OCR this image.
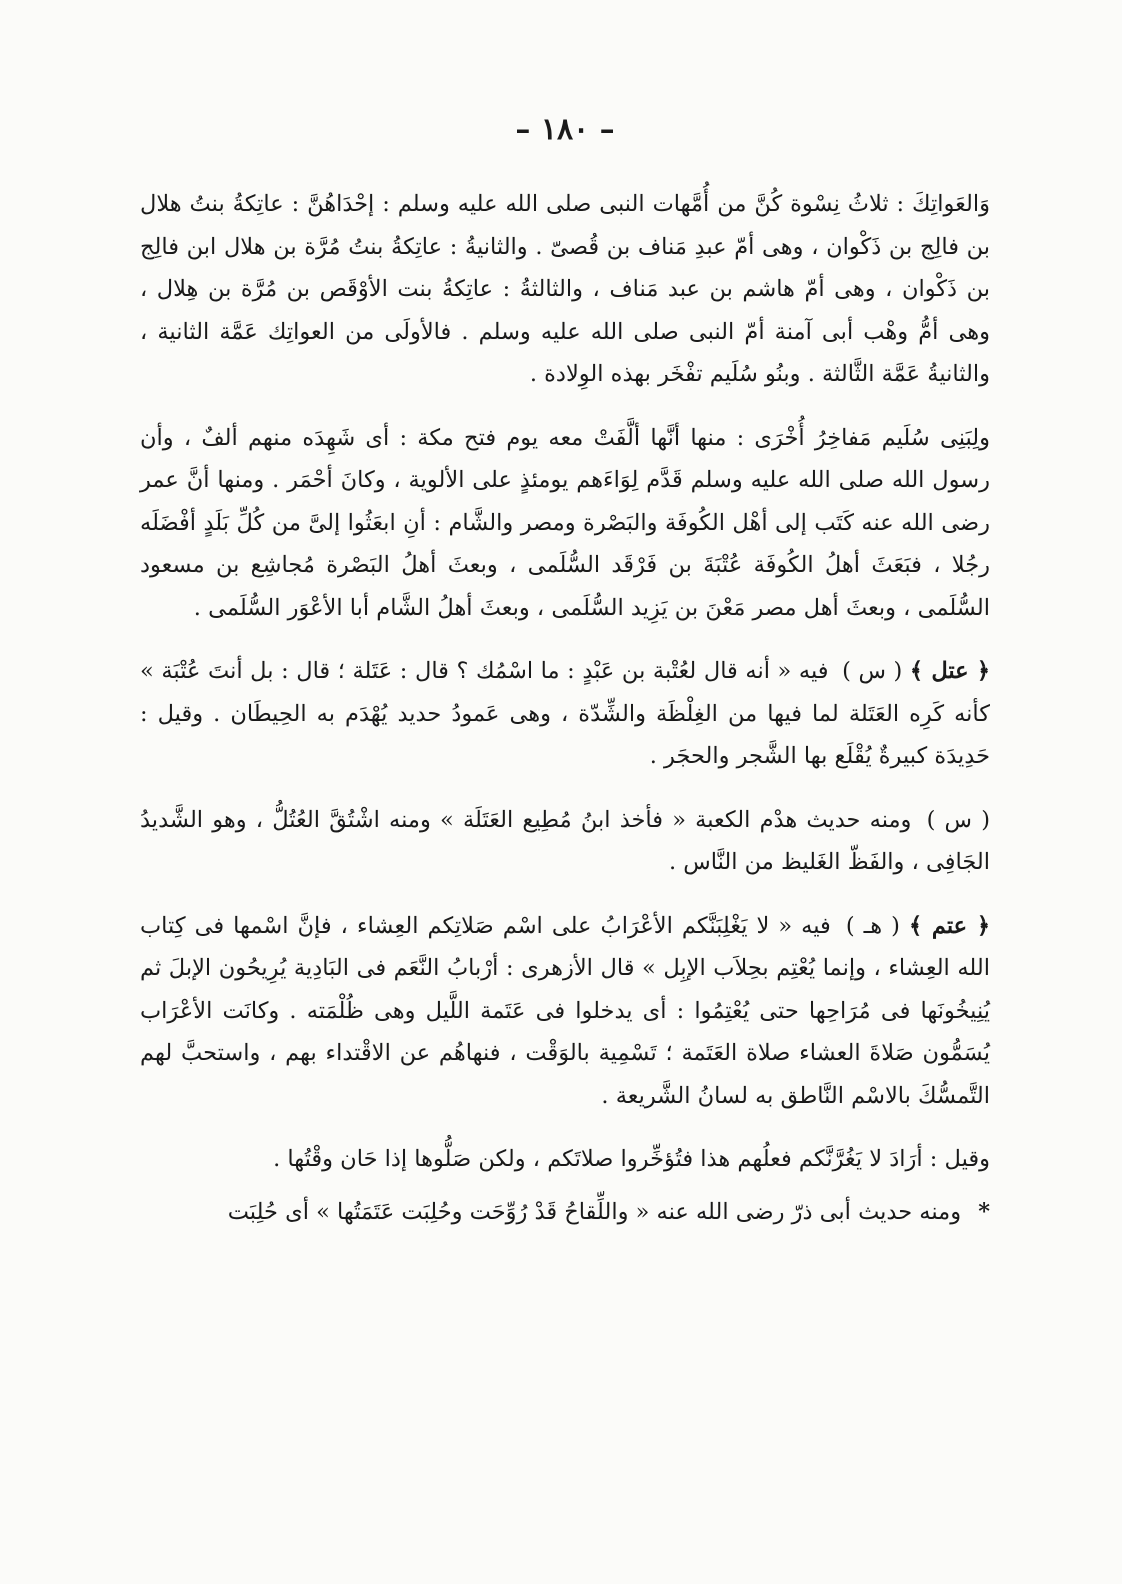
– ١٨٠ –

وَالعَواتِكَ : ثلاثُ نِسْوة كُنَّ من أُمَّهات النبى صلى الله عليه وسلم : إحْدَاهُنَّ : عاتِكةُ بنتُ هلال بن فالِج بن ذَكْوان ، وهى أمّ عبدِ مَناف بن قُصىّ . والثانيةُ : عاتِكةُ بنتُ مُرَّة بن هلال ابن فالِج بن ذَكْوان ، وهى أمّ هاشم بن عبد مَناف ، والثالثةُ : عاتِكةُ بنت الأوْقَص بن مُرَّة بن هِلال ، وهى أمُّ وهْب أبى آمنة أمّ النبى صلى الله عليه وسلم . فالأولَى من العواتِك عَمَّة الثانية ، والثانيةُ عَمَّة الثَّالثة . وبنُو سُلَيم تفْخَر بهذه الوِلادة .

ولِبَنِى سُلَيم مَفاخِرُ أُخْرَى : منها أنَّها ألَّفَتْ معه يوم فتح مكة : أى شَهِدَه منهم ألفٌ ، وأن رسول الله صلى الله عليه وسلم قَدَّم لِوَاءَهم يومئذٍ على الألوية ، وكانَ أحْمَر . ومنها أنَّ عمر رضى الله عنه كَتَب إلى أهْل الكُوفَة والبَصْرة ومصر والشَّام : أنِ ابعَثُوا إلىَّ من كُلِّ بَلَدٍ أفْضَلَه رجُلا ، فبَعَثَ أهلُ الكُوفَة عُتْبَةَ بن فَرْقَد السُّلَمى ، وبعثَ أهلُ البَصْرة مُجاشِع بن مسعود السُّلَمى ، وبعثَ أهل مصر مَعْنَ بن يَزِيد السُّلَمى ، وبعثَ أهلُ الشَّام أبا الأعْوَر السُّلَمى .

﴿ عتل ﴾ ( س ) فيه « أنه قال لعُتْبة بن عَبْدٍ : ما اسْمُك ؟ قال : عَتَلة ؛ قال : بل أنتَ عُتْبَة » كأنه كَرِه العَتَلة لما فيها من الغِلْظَة والشِّدّة ، وهى عَمودُ حديد يُهْدَم به الحِيطَان . وقيل : حَدِيدَة كبيرةٌ يُقْلَع بها الشَّجر والحجَر .

( س ) ومنه حديث هدْم الكعبة « فأخذ ابنُ مُطِيع العَتَلَة » ومنه اشْتُقَّ العُتُلُّ ، وهو الشَّديدُ الجَافِى ، والفَظّ الغَليظ من النَّاس .

﴿ عتم ﴾ ( هـ ) فيه « لا يَغْلِبَنَّكم الأعْرَابُ على اسْم صَلاتِكم العِشاء ، فإنَّ اسْمها فى كِتاب الله العِشاء ، وإنما يُعْتِم بحِلاَب الإبِل » قال الأزهرى : أرْبابُ النَّعَم فى البَادِية يُرِيحُون الإبلَ ثم يُنِيخُونَها فى مُرَاحِها حتى يُعْتِمُوا : أى يدخلوا فى عَتَمة اللَّيل وهى ظُلْمَته . وكانَت الأعْرَاب يُسَمُّون صَلاةَ العشاء صلاة العَتَمة ؛ تَسْمِية بالوَقْت ، فنهاهُم عن الاقْتداء بهم ، واستحبَّ لهم التَّمسُّكَ بالاسْم النَّاطق به لسانُ الشَّريعة .

وقيل : أرَادَ لا يَغُرَّنَّكم فعلُهم هذا فتُؤخِّروا صلاتَكم ، ولكن صَلُّوها إذا حَان وقْتُها .

* ومنه حديث أبى ذرّ رضى الله عنه « واللِّقاحُ قَدْ رُوِّحَت وحُلِبَت عَتَمَتُها » أى حُلِبَت
